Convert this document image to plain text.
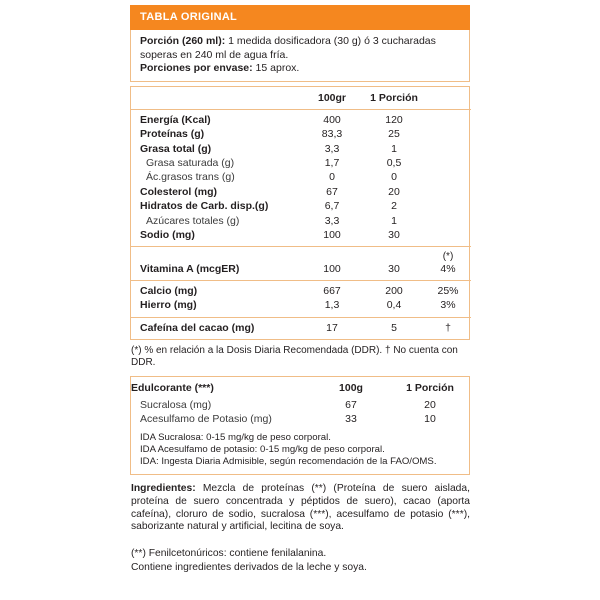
TABLA ORIGINAL
Porción (260 ml): 1 medida dosificadora (30 g) ó 3 cucharadas soperas en 240 ml de agua fría.
Porciones por envase: 15 aprox.
	100gr	1 Porción	
Energía (Kcal)	400	120	
Proteínas (g)	83,3	25	
Grasa total (g)	3,3	1	
Grasa saturada (g)	1,7	0,5	
Ác.grasos trans (g)	0	0	
Colesterol (mg)	67	20	
Hidratos de Carb. disp.(g)	6,7	2	
Azúcares totales (g)	3,3	1	
Sodio (mg)	100	30	
			(*)
Vitamina A (mcgER)	100	30	4%
Calcio (mg)	667	200	25%
Hierro (mg)	1,3	0,4	3%
Cafeína del cacao (mg)	17	5	†
(*) % en relación a la Dosis Diaria Recomendada (DDR). † No cuenta con DDR.
Edulcorante (***)	100g	1 Porción
Sucralosa (mg)	67	20
Acesulfamo de Potasio (mg)	33	10
IDA Sucralosa: 0-15 mg/kg de peso corporal.
IDA Acesulfamo de potasio: 0-15 mg/kg de peso corporal.
IDA: Ingesta Diaria Admisible, según recomendación de la FAO/OMS.
Ingredientes: Mezcla de proteínas (**) (Proteína de suero aislada, proteína de suero concentrada y péptidos de suero), cacao (aporta cafeína), cloruro de sodio, sucralosa (***), acesulfamo de potasio (***), saborizante natural y artificial, lecitina de soya.
(**) Fenilcetonúricos: contiene fenilalanina.
Contiene ingredientes derivados de la leche y soya.
